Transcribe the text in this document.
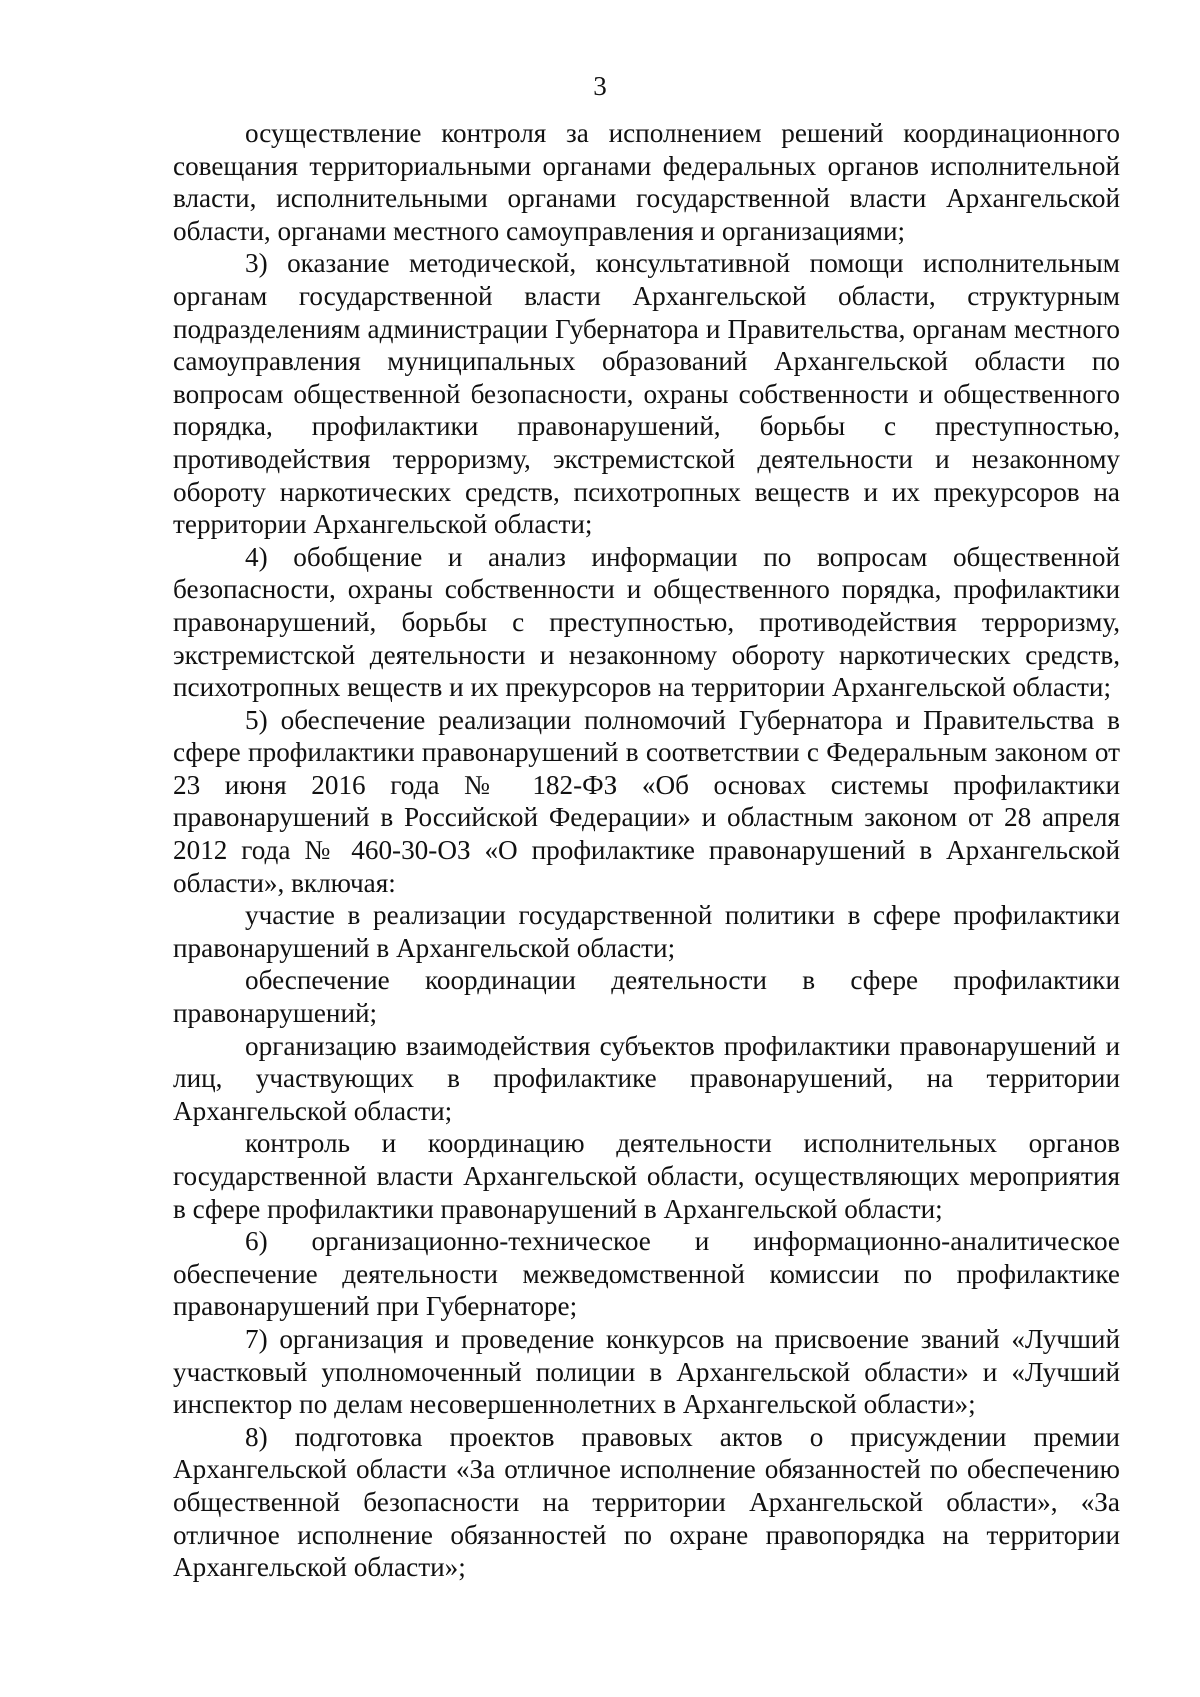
3

осуществление контроля за исполнением решений координационного совещания территориальными органами федеральных органов исполнительной власти, исполнительными органами государственной власти Архангельской области, органами местного самоуправления и организациями;

3) оказание методической, консультативной помощи исполнительным органам государственной власти Архангельской области, структурным подразделениям администрации Губернатора и Правительства, органам местного самоуправления муниципальных образований Архангельской области по вопросам общественной безопасности, охраны собственности и общественного порядка, профилактики правонарушений, борьбы с преступностью, противодействия терроризму, экстремистской деятельности и незаконному обороту наркотических средств, психотропных веществ и их прекурсоров на территории Архангельской области;

4) обобщение и анализ информации по вопросам общественной безопасности, охраны собственности и общественного порядка, профилактики правонарушений, борьбы с преступностью, противодействия терроризму, экстремистской деятельности и незаконному обороту наркотических средств, психотропных веществ и их прекурсоров на территории Архангельской области;

5) обеспечение реализации полномочий Губернатора и Правительства в сфере профилактики правонарушений в соответствии с Федеральным законом от 23 июня 2016 года № 182-ФЗ «Об основах системы профилактики правонарушений в Российской Федерации» и областным законом от 28 апреля 2012 года № 460-30-ОЗ «О профилактике правонарушений в Архангельской области», включая:

участие в реализации государственной политики в сфере профилактики правонарушений в Архангельской области;

обеспечение координации деятельности в сфере профилактики правонарушений;

организацию взаимодействия субъектов профилактики правонарушений и лиц, участвующих в профилактике правонарушений, на территории Архангельской области;

контроль и координацию деятельности исполнительных органов государственной власти Архангельской области, осуществляющих мероприятия в сфере профилактики правонарушений в Архангельской области;

6) организационно-техническое и информационно-аналитическое обеспечение деятельности межведомственной комиссии по профилактике правонарушений при Губернаторе;

7) организация и проведение конкурсов на присвоение званий «Лучший участковый уполномоченный полиции в Архангельской области» и «Лучший инспектор по делам несовершеннолетних в Архангельской области»;

8) подготовка проектов правовых актов о присуждении премии Архангельской области «За отличное исполнение обязанностей по обеспечению общественной безопасности на территории Архангельской области», «За отличное исполнение обязанностей по охране правопорядка на территории Архангельской области»;
